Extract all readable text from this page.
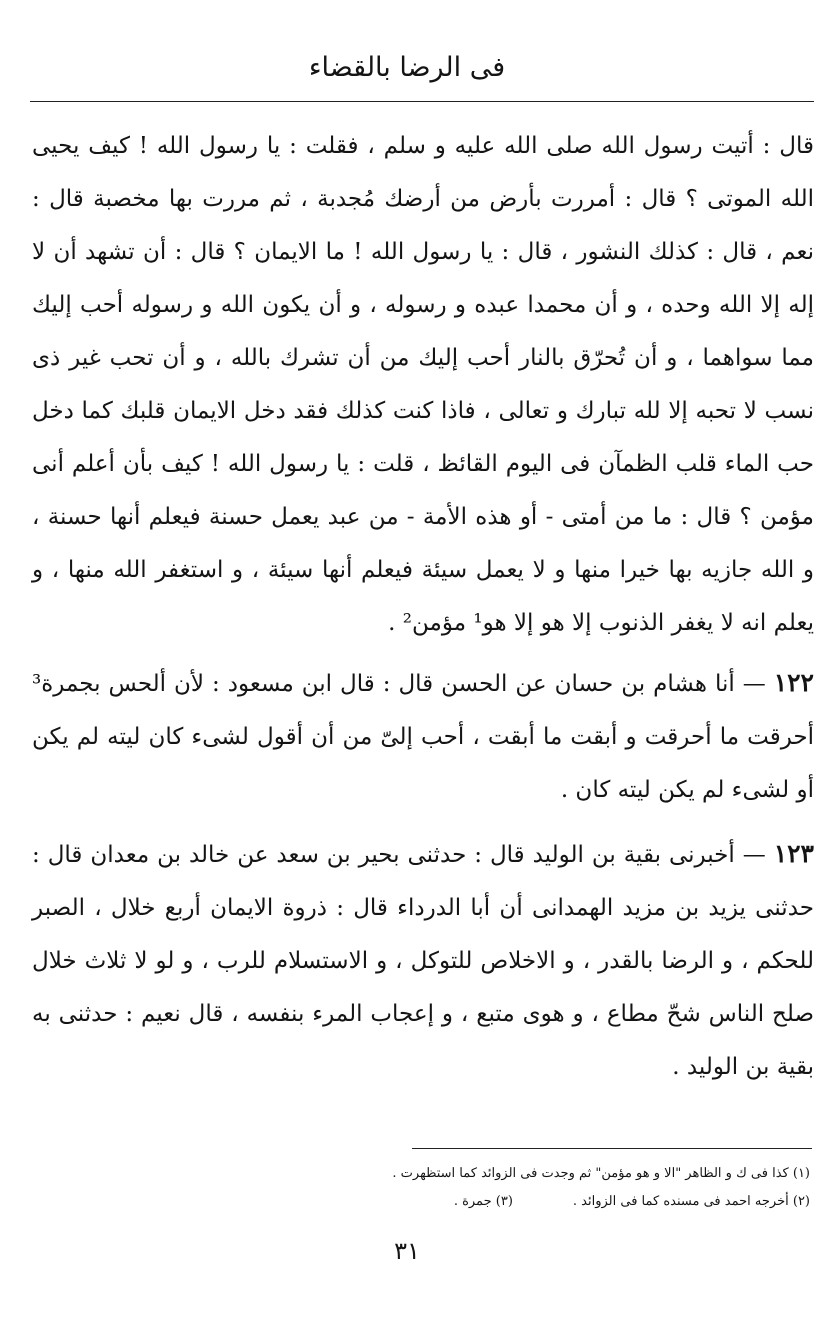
فى الرضا بالقضاء

قال : أتيت رسول الله صلى الله عليه و سلم ، فقلت : يا رسول الله ! كيف يحيى الله الموتى ؟ قال : أمررت بأرض من أرضك مُجدبة ، ثم مررت بها مخصبة قال : نعم ، قال : كذلك النشور ، قال : يا رسول الله ! ما الايمان ؟ قال : أن تشهد أن لا إله إلا الله وحده ، و أن محمدا عبده و رسوله ، و أن يكون الله و رسوله أحب إليك مما سواهما ، و أن تُحرّق بالنار أحب إليك من أن تشرك بالله ، و أن تحب غير ذى نسب لا تحبه إلا لله تبارك و تعالى ، فاذا كنت كذلك فقد دخل الايمان قلبك كما دخل حب الماء قلب الظمآن فى اليوم القائظ ، قلت : يا رسول الله ! كيف بأن أعلم أنى مؤمن ؟ قال : ما من أمتى - أو هذه الأمة - من عبد يعمل حسنة فيعلم أنها حسنة ، و الله جازيه بها خيرا منها و لا يعمل سيئة فيعلم أنها سيئة ، و استغفر الله منها ، و يعلم انه لا يغفر الذنوب إلا هو إلا هو¹ مؤمن² .

١٢٢ — أنا هشام بن حسان عن الحسن قال : قال ابن مسعود : لأن ألحس بجمرة³ أحرقت ما أحرقت و أبقت ما أبقت ، أحب إلىّ من أن أقول لشىء كان ليته لم يكن أو لشىء لم يكن ليته كان .

١٢٣ — أخبرنى بقية بن الوليد قال : حدثنى بحير بن سعد عن خالد بن معدان قال : حدثنى يزيد بن مزيد الهمدانى أن أبا الدرداء قال : ذروة الايمان أربع خلال ، الصبر للحكم ، و الرضا بالقدر ، و الاخلاص للتوكل ، و الاستسلام للرب ، و لو لا ثلاث خلال صلح الناس شحّ مطاع ، و هوى متبع ، و إعجاب المرء بنفسه ، قال نعيم : حدثنى به بقية بن الوليد .

(١) كذا فى ك و الظاهر "الا و هو مؤمن" ثم وجدت فى الزوائد كما استظهرت .
(٢) أخرجه احمد فى مسنده كما فى الزوائد .(٣) جمرة .
٣١
